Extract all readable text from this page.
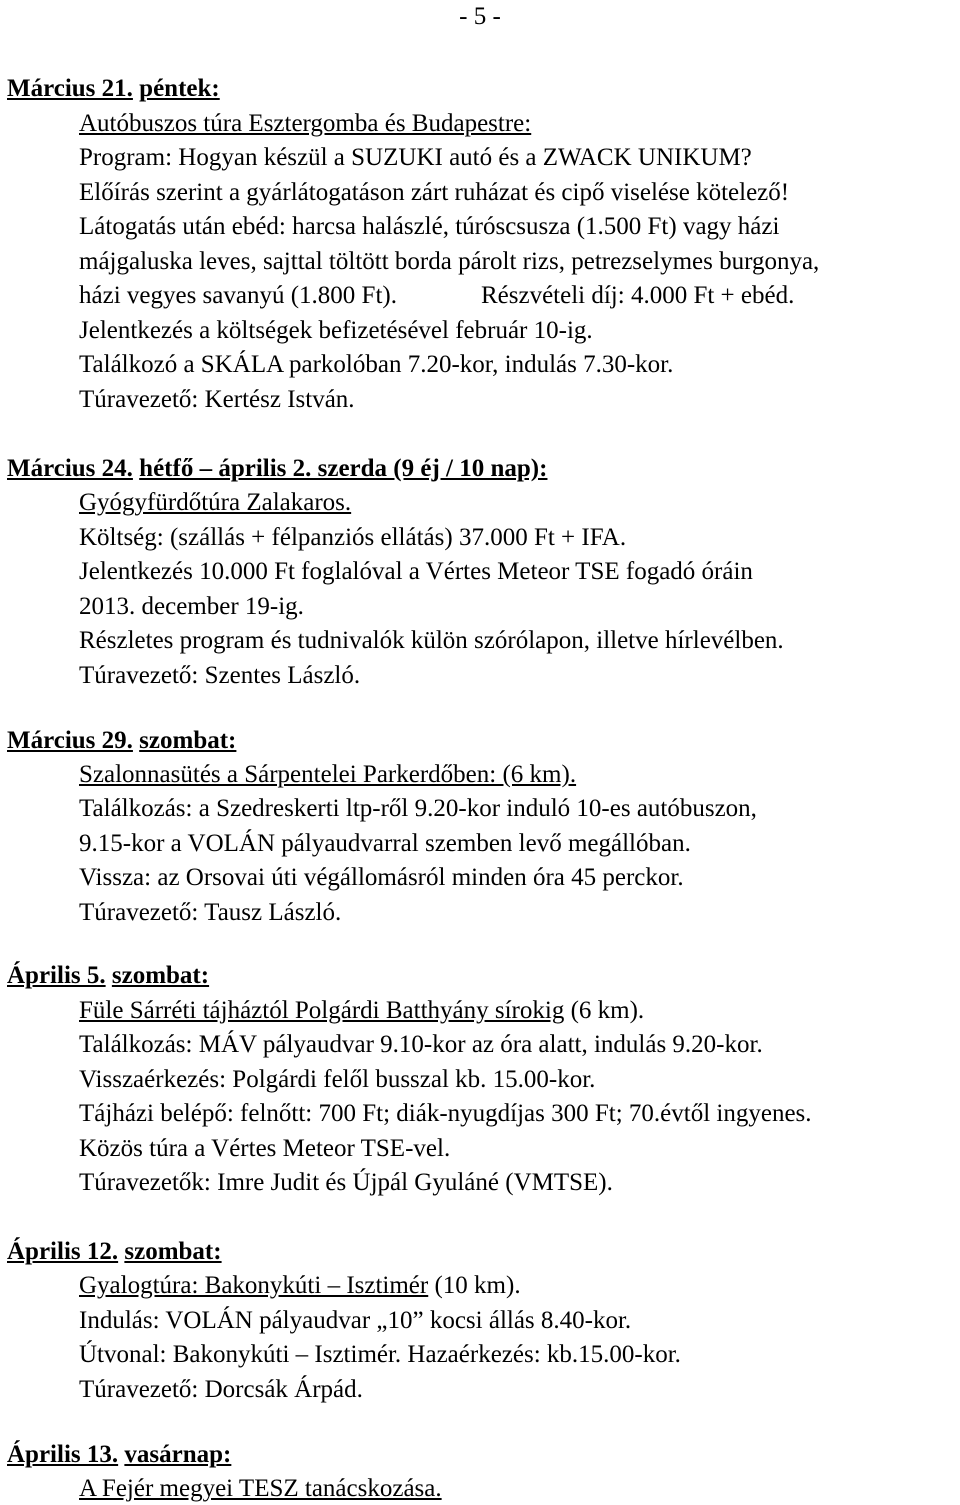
- 5 -
Március 21. péntek:
Autóbuszos túra Esztergomba és Budapestre:
Program: Hogyan készül a SUZUKI autó és a ZWACK UNIKUM?
Előírás szerint a gyárlátogatáson zárt ruházat és cipő viselése kötelező!
Látogatás után ebéd: harcsa halászlé, túróscsusza (1.500 Ft) vagy házi
májgaluska leves, sajttal töltött borda párolt rizs, petrezselymes burgonya,
házi vegyes savanyú (1.800 Ft).	Részvételi díj: 4.000 Ft + ebéd.
Jelentkezés a költségek befizetésével február 10-ig.
Találkozó a SKÁLA parkolóban 7.20-kor, indulás 7.30-kor.
Túravezető: Kertész István.
Március 24. hétfő – április 2. szerda (9 éj / 10 nap):
Gyógyfürdőtúra Zalakaros.
Költség: (szállás + félpanziós ellátás) 37.000 Ft + IFA.
Jelentkezés 10.000 Ft foglalóval a Vértes Meteor TSE fogadó óráin
2013. december 19-ig.
Részletes program és tudnivalók külön szórólapon, illetve hírlevélben.
Túravezető: Szentes László.
Március 29. szombat:
Szalonnasütés a Sárpentelei Parkerdőben: (6 km).
Találkozás: a Szedreskerti ltp-ről 9.20-kor induló 10-es autóbuszon,
9.15-kor a VOLÁN pályaudvarral szemben levő megállóban.
Vissza: az Orsovai úti végállomásról minden óra 45 perckor.
Túravezető: Tausz László.
Április 5. szombat:
Füle Sárréti tájháztól Polgárdi Batthyány sírokig (6 km).
Találkozás: MÁV pályaudvar 9.10-kor az óra alatt, indulás 9.20-kor.
Visszaérkezés: Polgárdi felől busszal kb. 15.00-kor.
Tájházi belépő: felnőtt: 700 Ft; diák-nyugdíjas 300 Ft; 70.évtől ingyenes.
Közös túra a Vértes Meteor TSE-vel.
Túravezetők: Imre Judit és Újpál Gyuláné (VMTSE).
Április 12. szombat:
Gyalogtúra: Bakonykúti – Isztimér (10 km).
Indulás: VOLÁN pályaudvar „10” kocsi állás 8.40-kor.
Útvonal: Bakonykúti – Isztimér. Hazaérkezés: kb.15.00-kor.
Túravezető: Dorcsák Árpád.
Április 13. vasárnap:
A Fejér megyei TESZ tanácskozása.
